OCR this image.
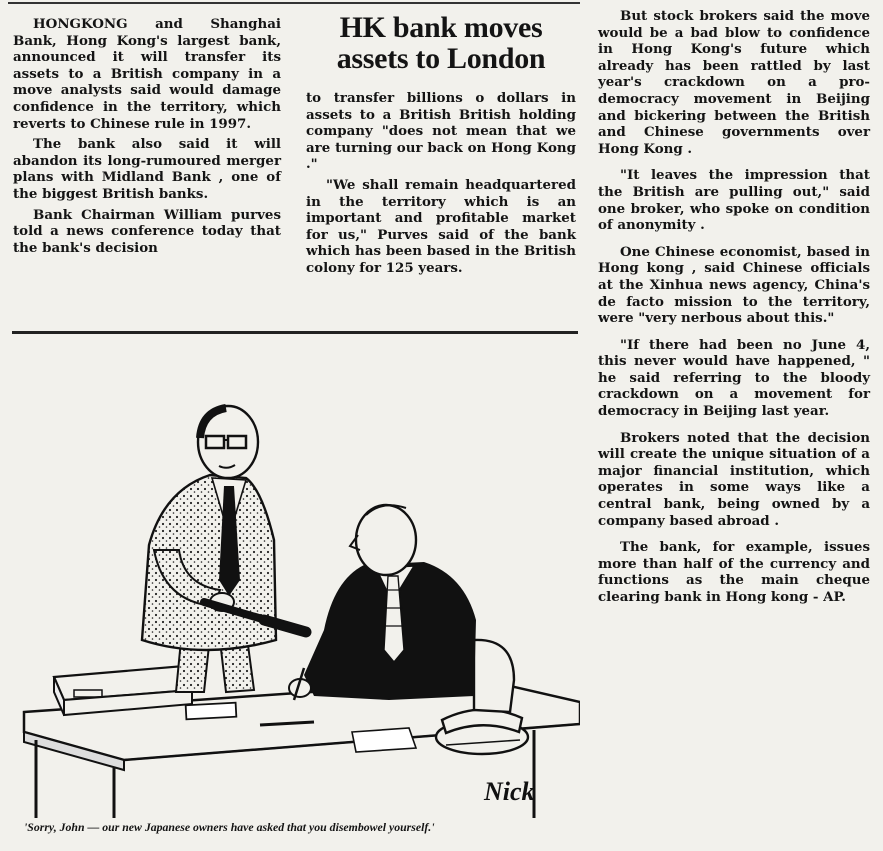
HONGKONG and Shanghai Bank, Hong Kong's largest bank, announced it will transfer its assets to a British company in a move analysts said would damage confidence in the territory, which reverts to Chinese rule in 1997.

The bank also said it will abandon its long-rumoured merger plans with Midland Bank , one of the biggest British banks.

Bank Chairman William purves told a news conference today that the bank's decision

HK bank moves
assets to London

to transfer billions o dollars in assets to a British British holding company "does not mean that we are turning our back on Hong Kong ."

"We shall remain headquartered in the territory which is an important and profitable market for us," Purves said of the bank which has been based in the British colony for 125 years.

But stock brokers said the move would be a bad blow to confidence in Hong Kong's future which already has been rattled by last year's crackdown on a pro-democracy movement in Beijing and bickering between the British and Chinese governments over Hong Kong .

"It leaves the impression that the British are pulling out," said one broker, who spoke on condition of anonymity .

One Chinese economist, based in Hong kong , said Chinese officials at the Xinhua news agency, China's de facto mission to the territory, were "very nerbous about this."

"If there had been no June 4, this never would have happened, " he said referring to the bloody crackdown on a movement for democracy in Beijing last year.

Brokers noted that the decision will create the unique situation of a major financial institution, which operates in some ways like a central bank, being owned by a company based abroad .

The bank, for example, issues more than half of the currency and functions as the main cheque clearing bank in Hong kong - AP.

Nick
'Sorry, John — our new Japanese owners have asked that you disembowel yourself.'
